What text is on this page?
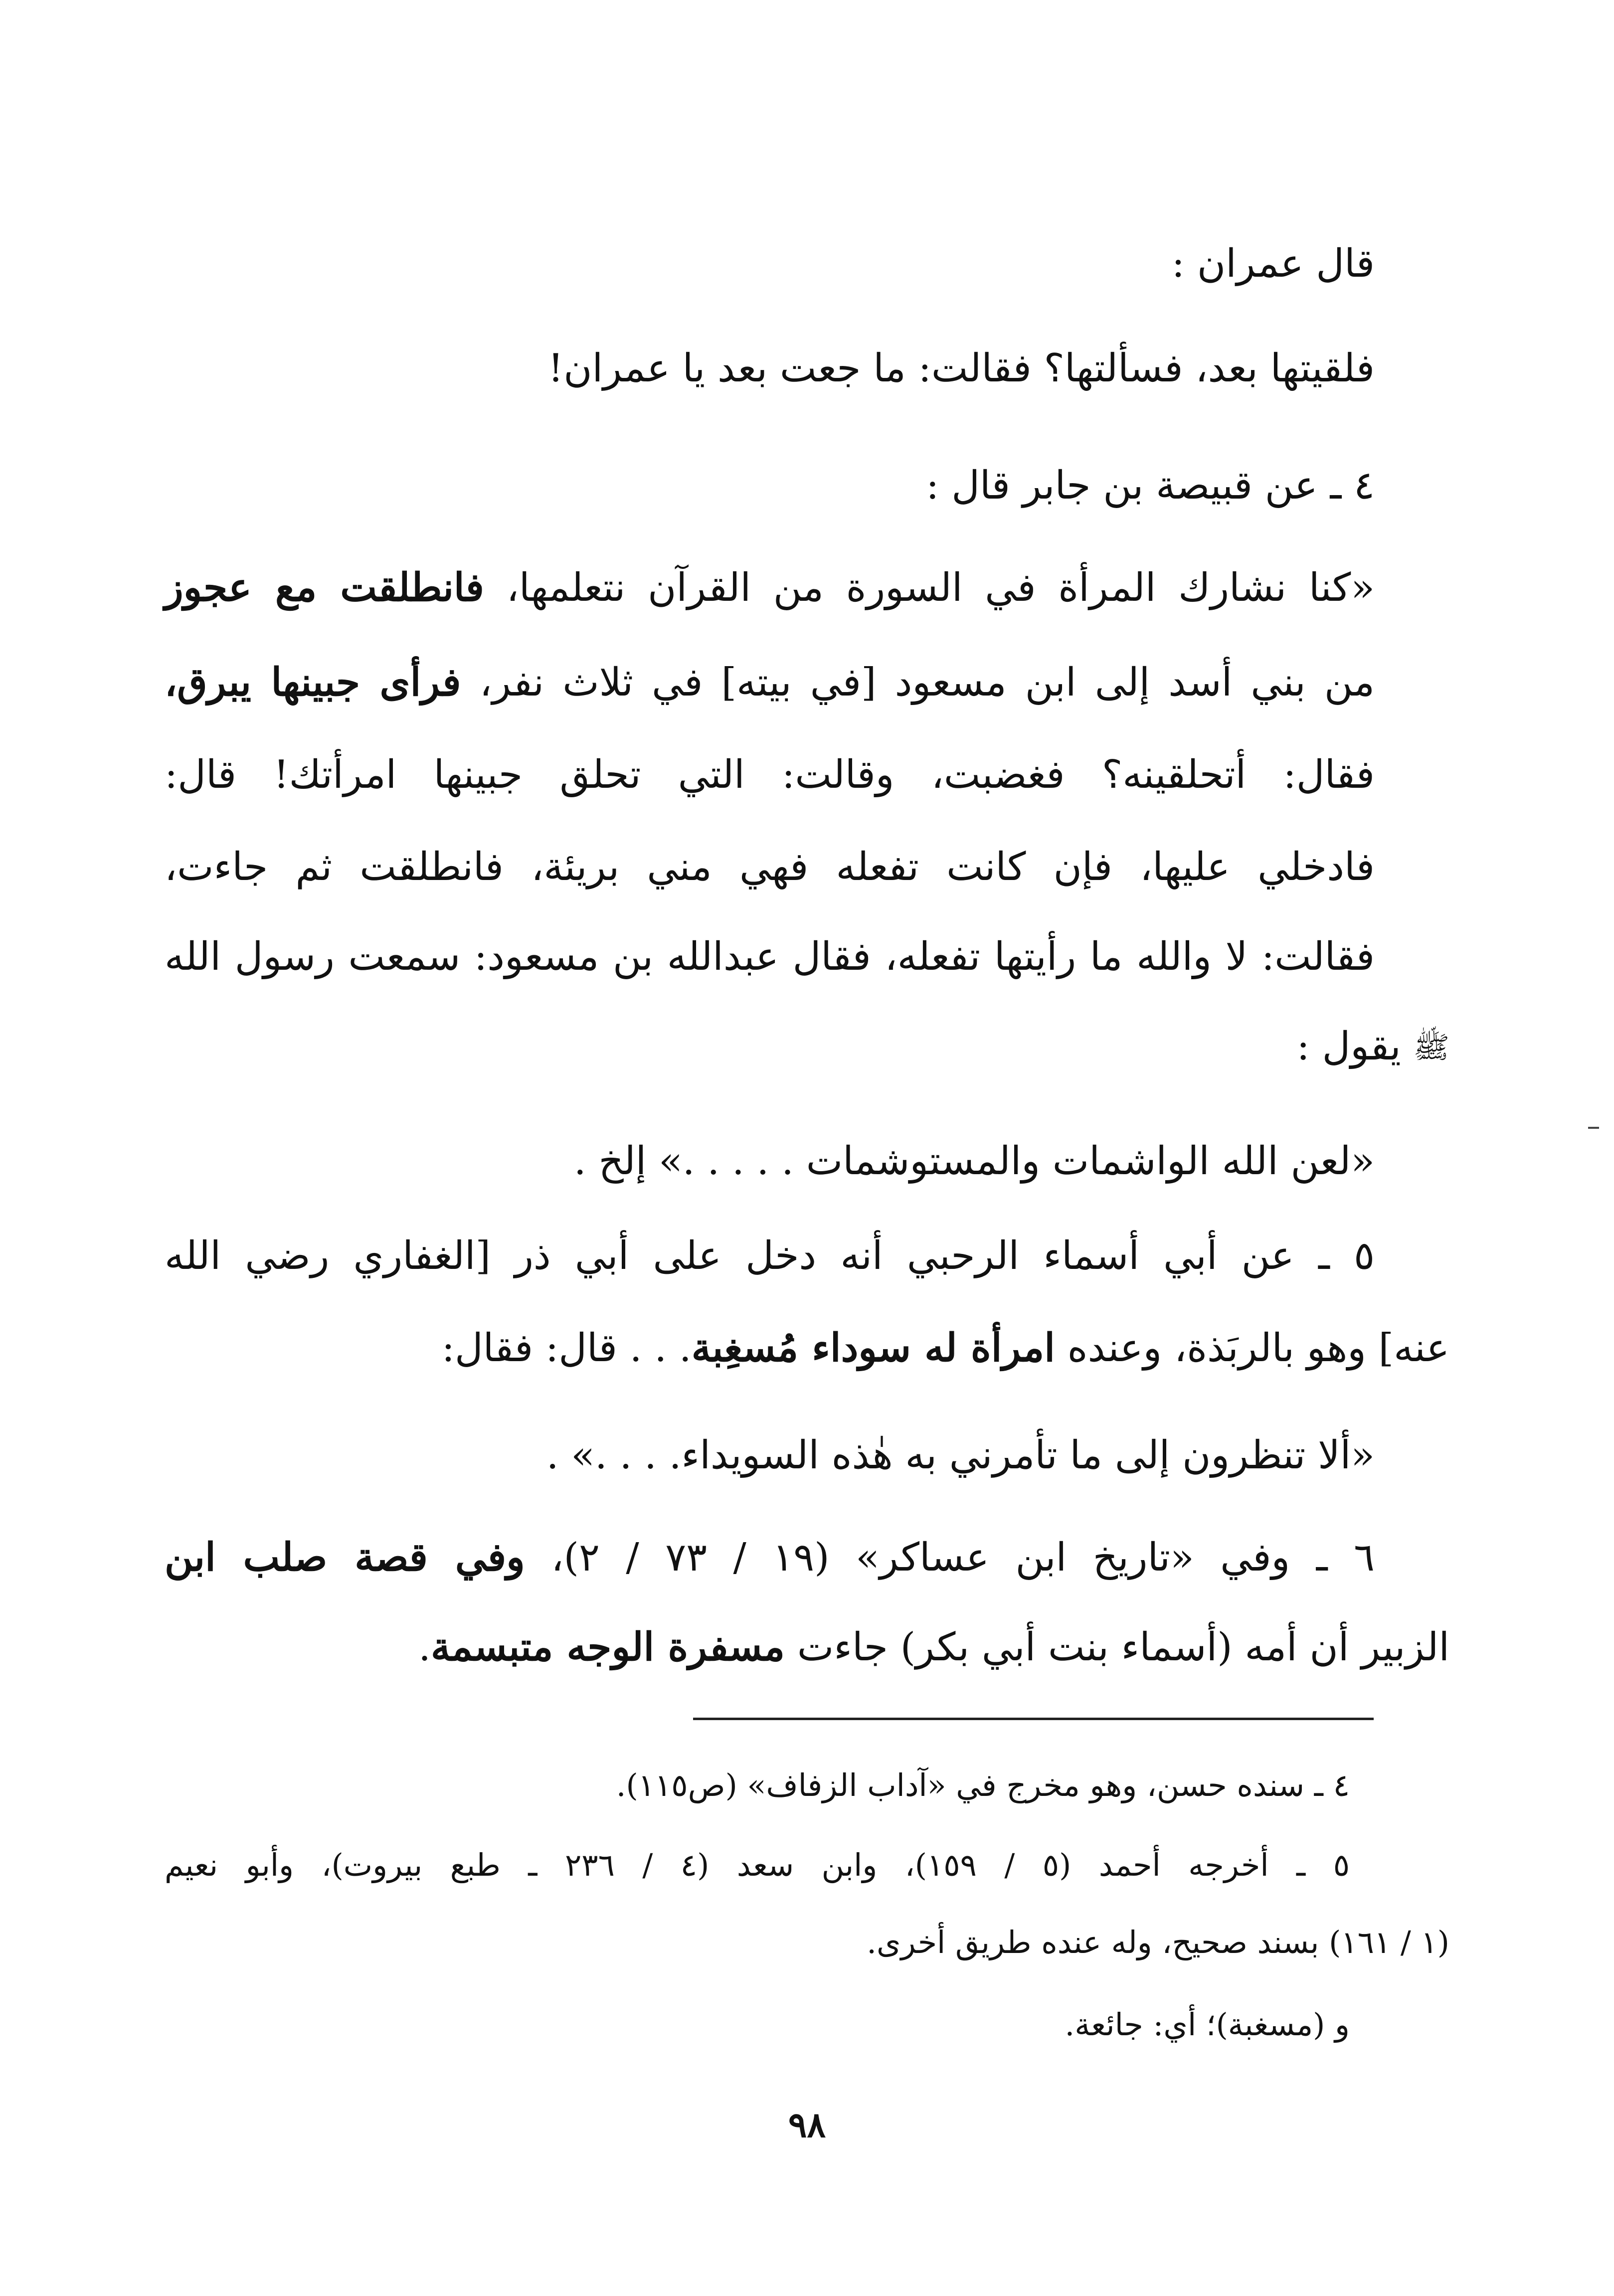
قال عمران :
فلقيتها بعد، فسألتها؟ فقالت: ما جعت بعد يا عمران!
٤ ـ عن قبيصة بن جابر قال :
«كنا نشارك المرأة في السورة من القرآن نتعلمها، فانطلقت مع عجوز
من بني أسد إلى ابن مسعود [في بيته] في ثلاث نفر، فرأى جبينها يبرق،
فقال: أتحلقينه؟ فغضبت، وقالت: التي تحلق جبينها امرأتك! قال:
فادخلي عليها، فإن كانت تفعله فهي مني بريئة، فانطلقت ثم جاءت،
فقالت: لا والله ما رأيتها تفعله، فقال عبدالله بن مسعود: سمعت رسول الله
ﷺ يقول :
«لعن الله الواشمات والمستوشمات . . . . .» إلخ .
٥ ـ عن أبي أسماء الرحبي أنه دخل على أبي ذر [الغفاري رضي الله
عنه] وهو بالربَذة، وعنده امرأة له سوداء مُسغِبة. . . قال: فقال:
«ألا تنظرون إلى ما تأمرني به هٰذه السويداء. . . .» .
٦ ـ وفي «تاريخ ابن عساكر» (١٩ / ٧٣ / ٢)، وفي قصة صلب ابن
الزبير أن أمه (أسماء بنت أبي بكر) جاءت مسفرة الوجه متبسمة.
٤ ـ سنده حسن، وهو مخرج في «آداب الزفاف» (ص١١٥).
٥ ـ أخرجه أحمد (٥ / ١٥٩)، وابن سعد (٤ / ٢٣٦ ـ طبع بيروت)، وأبو نعيم
(١ / ١٦١) بسند صحيح، وله عنده طريق أخرى.
و (مسغبة)؛ أي: جائعة.
٩٨
